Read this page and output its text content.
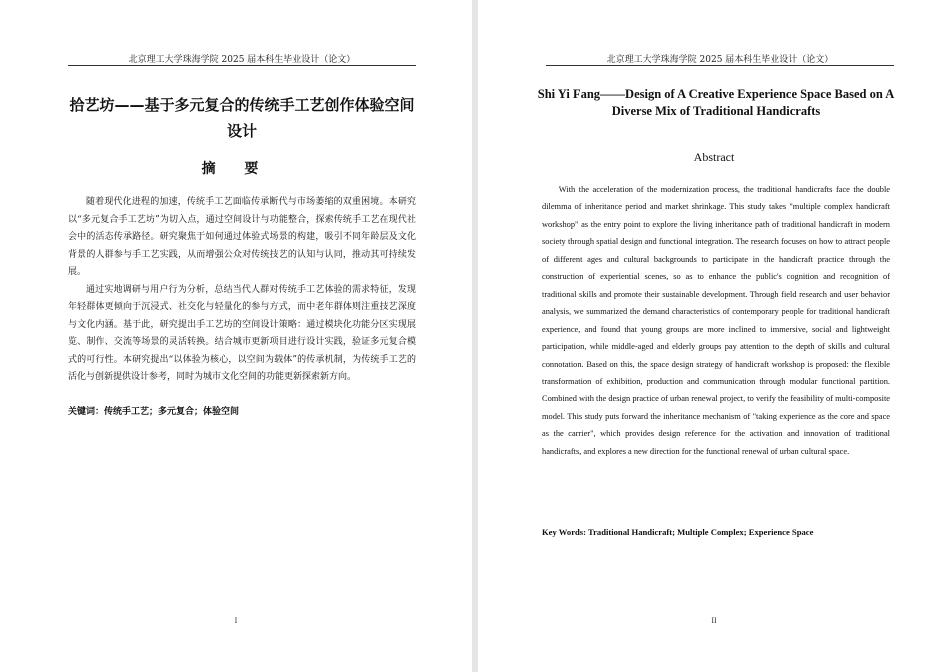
北京理工大学珠海学院 2025 届本科生毕业设计（论文）
拾艺坊——基于多元复合的传统手工艺创作体验空间设计
摘 要

随着现代化进程的加速，传统手工艺面临传承断代与市场萎缩的双重困境。本研究以“多元复合手工艺坊”为切入点，通过空间设计与功能整合，探索传统手工艺在现代社会中的活态传承路径。研究聚焦于如何通过体验式场景的构建，吸引不同年龄层及文化背景的人群参与手工艺实践，从而增强公众对传统技艺的认知与认同，推动其可持续发展。

通过实地调研与用户行为分析，总结当代人群对传统手工艺体验的需求特征，发现年轻群体更倾向于沉浸式、社交化与轻量化的参与方式，而中老年群体则注重技艺深度与文化内涵。基于此，研究提出手工艺坊的空间设计策略：通过模块化功能分区实现展览、制作、交流等场景的灵活转换。结合城市更新项目进行设计实践，验证多元复合模式的可行性。本研究提出“以体验为核心，以空间为载体”的传承机制，为传统手工艺的活化与创新提供设计参考，同时为城市文化空间的功能更新探索新方向。

关键词：传统手工艺；多元复合；体验空间
I
北京理工大学珠海学院 2025 届本科生毕业设计（论文）
Shi Yi Fang——Design of A Creative Experience Space Based on A Diverse Mix of Traditional Handicrafts
Abstract

With the acceleration of the modernization process, the traditional handicrafts face the double dilemma of inheritance period and market shrinkage. This study takes "multiple complex handicraft workshop" as the entry point to explore the living inheritance path of traditional handicraft in modern society through spatial design and functional integration. The research focuses on how to attract people of different ages and cultural backgrounds to participate in the handicraft practice through the construction of experiential scenes, so as to enhance the public's cognition and recognition of traditional skills and promote their sustainable development. Through field research and user behavior analysis, we summarized the demand characteristics of contemporary people for traditional handicraft experience, and found that young groups are more inclined to immersive, social and lightweight participation, while middle-aged and elderly groups pay attention to the depth of skills and cultural connotation. Based on this, the space design strategy of handicraft workshop is proposed: the flexible transformation of exhibition, production and communication through modular functional partition. Combined with the design practice of urban renewal project, to verify the feasibility of multi-composite model. This study puts forward the inheritance mechanism of "taking experience as the core and space as the carrier", which provides design reference for the activation and innovation of traditional handicrafts, and explores a new direction for the functional renewal of urban cultural space.

Key Words: Traditional Handicraft; Multiple Complex; Experience Space
II
